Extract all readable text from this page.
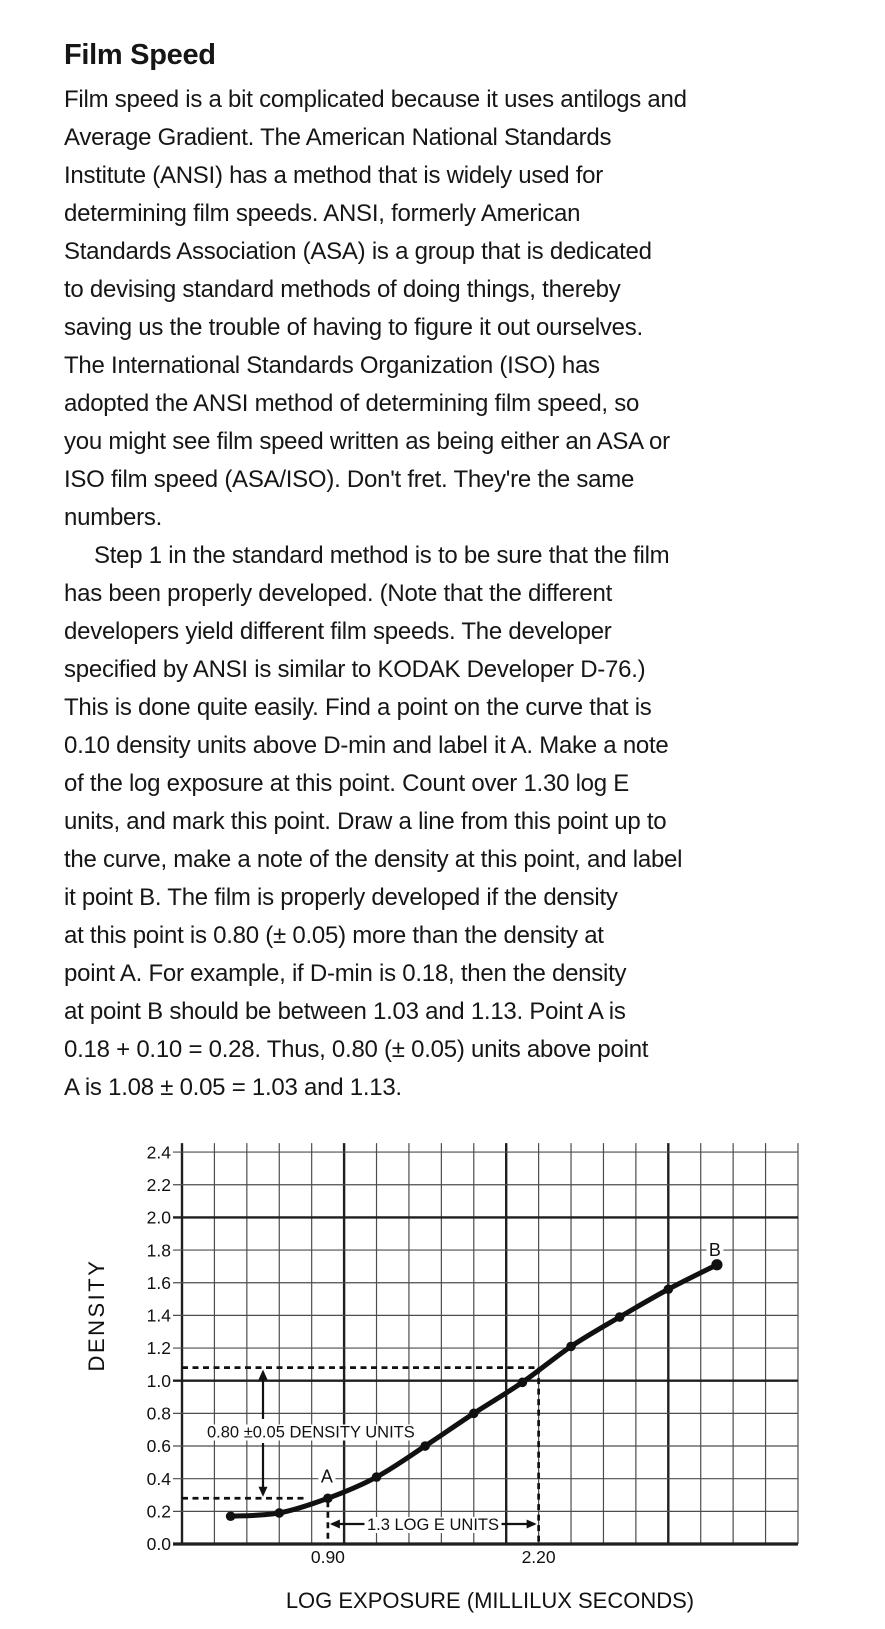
Film Speed
Film speed is a bit complicated because it uses antilogs and
Average Gradient. The American National Standards
Institute (ANSI) has a method that is widely used for
determining film speeds. ANSI, formerly American
Standards Association (ASA) is a group that is dedicated
to devising standard methods of doing things, thereby
saving us the trouble of having to figure it out ourselves.
The International Standards Organization (ISO) has
adopted the ANSI method of determining film speed, so
you might see film speed written as being either an ASA or
ISO film speed (ASA/ISO). Don't fret. They're the same
numbers.
Step 1 in the standard method is to be sure that the film
has been properly developed. (Note that the different
developers yield different film speeds. The developer
specified by ANSI is similar to KODAK Developer D-76.)
This is done quite easily. Find a point on the curve that is
0.10 density units above D-min and label it A. Make a note
of the log exposure at this point. Count over 1.30 log E
units, and mark this point. Draw a line from this point up to
the curve, make a note of the density at this point, and label
it point B. The film is properly developed if the density
at this point is 0.80 (± 0.05) more than the density at
point A. For example, if D-min is 0.18, then the density
at point B should be between 1.03 and 1.13. Point A is
0.18 + 0.10 = 0.28. Thus, 0.80 (± 0.05) units above point
A is 1.08 ± 0.05 = 1.03 and 1.13.
0.0
0.2
0.4
0.6
0.8
1.0
1.2
1.4
1.6
1.8
2.0
2.2
2.4
0.90	2.20
0.80 ±0.05 DENSITY UNITS
1.3 LOG E UNITS
A
B
LOG EXPOSURE (MILLILUX SECONDS)
DENSITY
